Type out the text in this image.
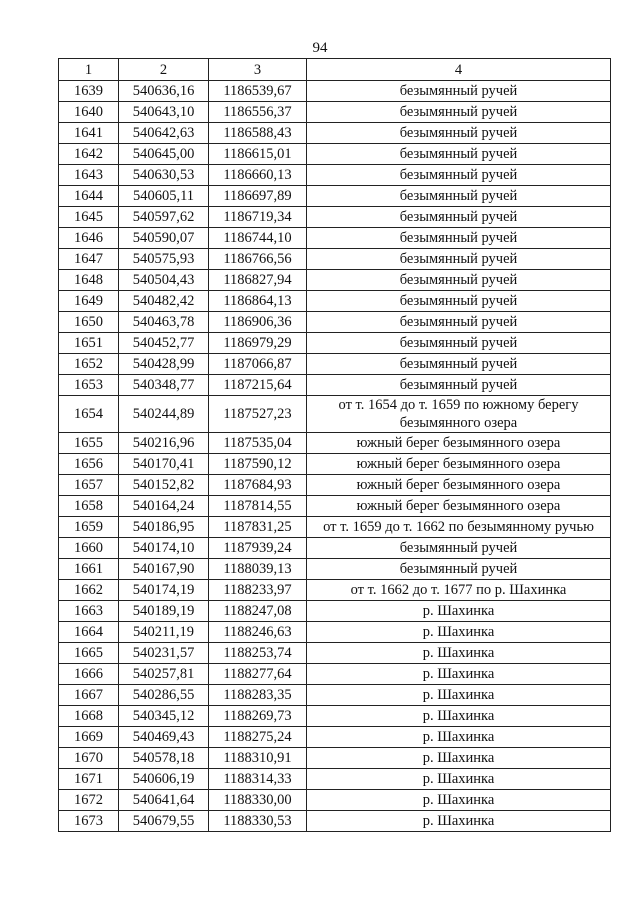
94
1	2	3	4
1639	540636,16	1186539,67	безымянный ручей
1640	540643,10	1186556,37	безымянный ручей
1641	540642,63	1186588,43	безымянный ручей
1642	540645,00	1186615,01	безымянный ручей
1643	540630,53	1186660,13	безымянный ручей
1644	540605,11	1186697,89	безымянный ручей
1645	540597,62	1186719,34	безымянный ручей
1646	540590,07	1186744,10	безымянный ручей
1647	540575,93	1186766,56	безымянный ручей
1648	540504,43	1186827,94	безымянный ручей
1649	540482,42	1186864,13	безымянный ручей
1650	540463,78	1186906,36	безымянный ручей
1651	540452,77	1186979,29	безымянный ручей
1652	540428,99	1187066,87	безымянный ручей
1653	540348,77	1187215,64	безымянный ручей
1654	540244,89	1187527,23	от т. 1654 до т. 1659 по южному берегу безымянного озера
1655	540216,96	1187535,04	южный берег безымянного озера
1656	540170,41	1187590,12	южный берег безымянного озера
1657	540152,82	1187684,93	южный берег безымянного озера
1658	540164,24	1187814,55	южный берег безымянного озера
1659	540186,95	1187831,25	от т. 1659 до т. 1662 по безымянному ручью
1660	540174,10	1187939,24	безымянный ручей
1661	540167,90	1188039,13	безымянный ручей
1662	540174,19	1188233,97	от т. 1662 до т. 1677 по р. Шахинка
1663	540189,19	1188247,08	р. Шахинка
1664	540211,19	1188246,63	р. Шахинка
1665	540231,57	1188253,74	р. Шахинка
1666	540257,81	1188277,64	р. Шахинка
1667	540286,55	1188283,35	р. Шахинка
1668	540345,12	1188269,73	р. Шахинка
1669	540469,43	1188275,24	р. Шахинка
1670	540578,18	1188310,91	р. Шахинка
1671	540606,19	1188314,33	р. Шахинка
1672	540641,64	1188330,00	р. Шахинка
1673	540679,55	1188330,53	р. Шахинка
